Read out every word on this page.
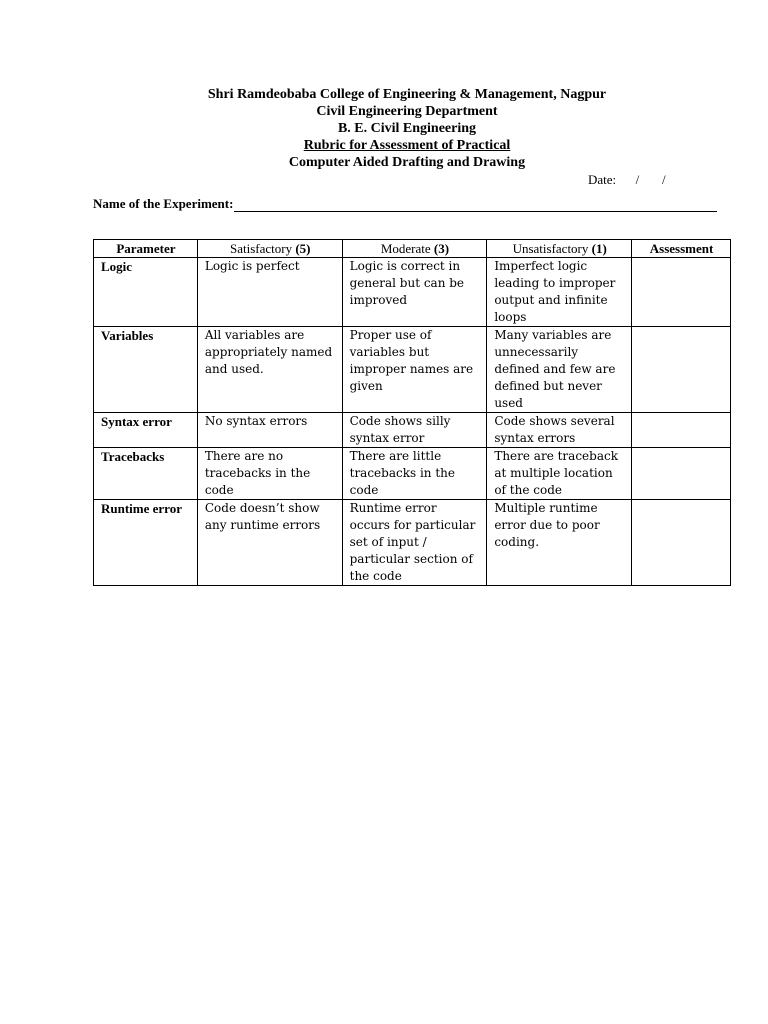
Shri Ramdeobaba College of Engineering & Management, Nagpur
Civil Engineering Department
B. E. Civil Engineering
Rubric for Assessment of Practical
Computer Aided Drafting and Drawing
Date:      /       /
Name of the Experiment:
Parameter	Satisfactory (5)	Moderate (3)	Unsatisfactory (1)	Assessment
Logic	Logic is perfect	Logic is correct in general but can be improved	Imperfect logic leading to improper output and infinite loops	
Variables	All variables are appropriately named and used.	Proper use of variables but improper names are given	Many variables are unnecessarily defined and few are defined but never used	
Syntax error	No syntax errors	Code shows silly syntax error	Code shows several syntax errors	
Tracebacks	There are no tracebacks in the code	There are little tracebacks in the code	There are traceback at multiple location of the code	
Runtime error	Code doesn’t show any runtime errors	Runtime error occurs for particular set of input / particular section of the code	Multiple runtime error due to poor coding.	
